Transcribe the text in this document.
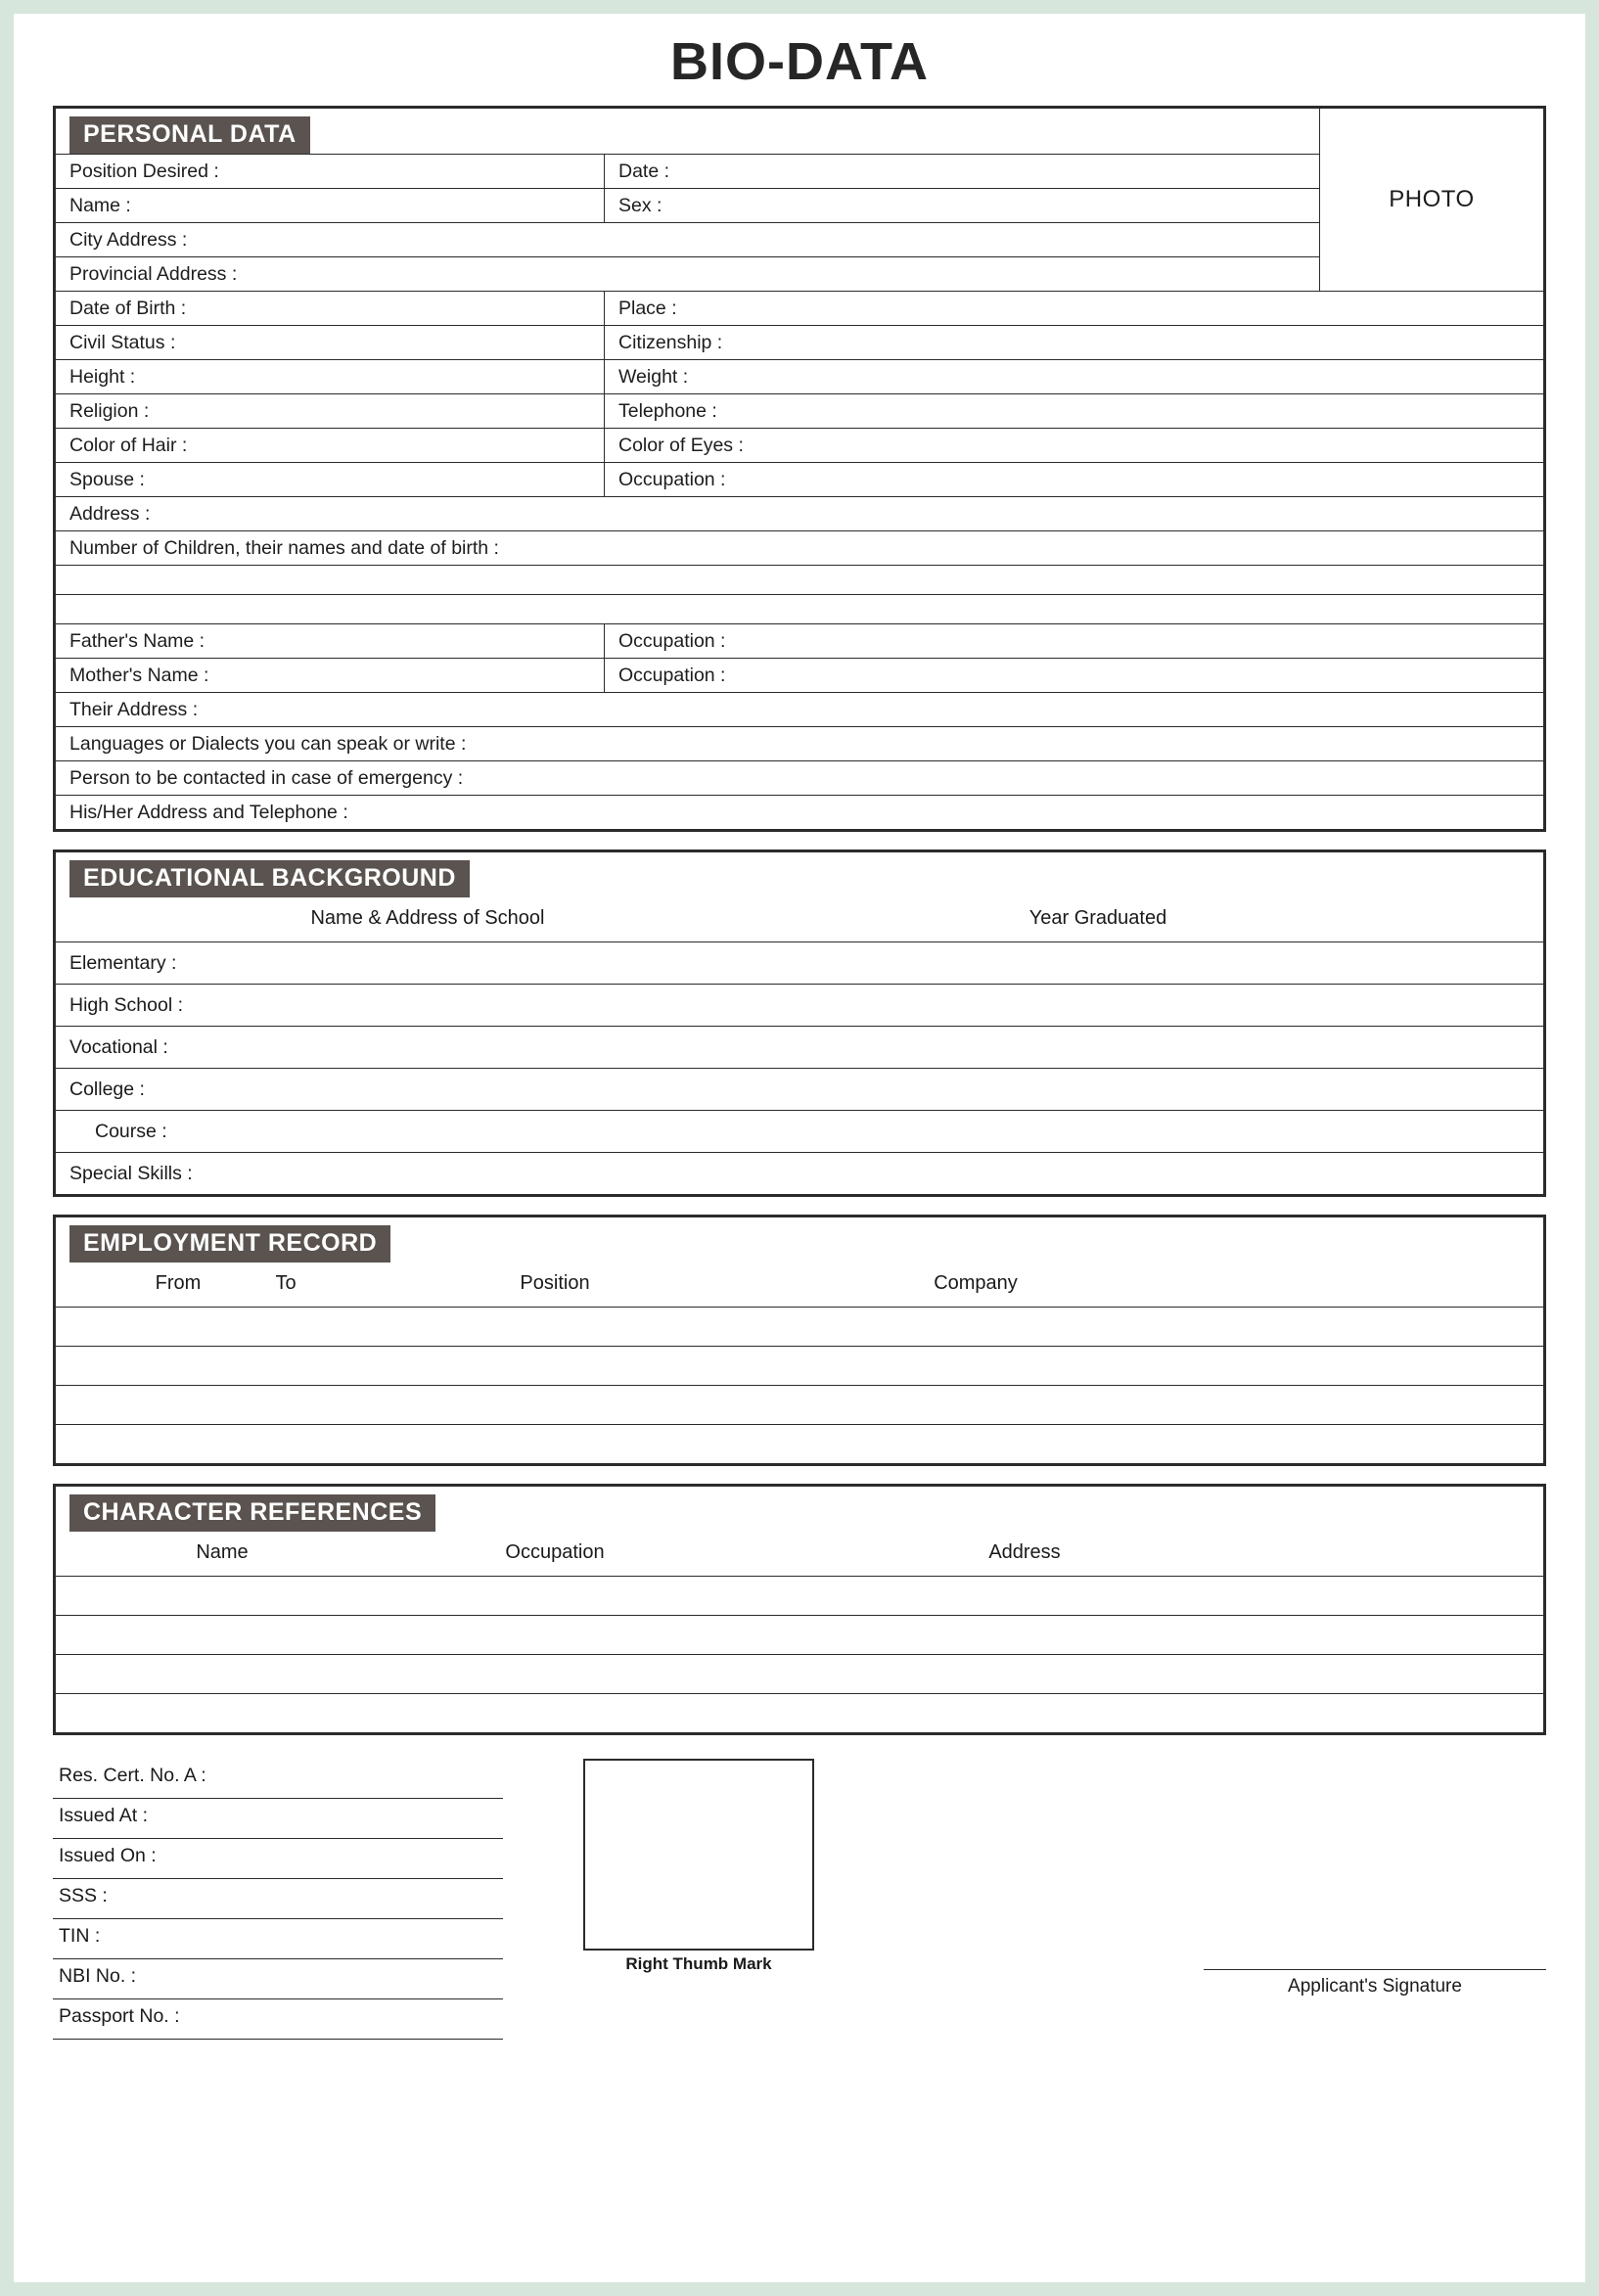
BIO-DATA
PERSONAL DATA
Position Desired :	Date :
Name :	Sex :
City Address :
Provincial Address :
PHOTO
Date of Birth :	Place :
Civil Status :	Citizenship :
Height :	Weight :
Religion :	Telephone :
Color of Hair :	Color of Eyes :
Spouse :	Occupation :
Address :
Number of Children, their names and date of birth :
Father's Name :	Occupation :
Mother's Name :	Occupation :
Their Address :
Languages or Dialects you can speak or write :
Person to be contacted in case of emergency :
His/Her Address and Telephone :
EDUCATIONAL BACKGROUND
Name & Address of School	Year Graduated
Elementary :
High School :
Vocational :
College :
Course :
Special Skills :
EMPLOYMENT RECORD
From	To	Position	Company
CHARACTER REFERENCES
Name	Occupation	Address
Res. Cert. No. A :
Issued At :
Issued On :
SSS :
TIN :
NBI No. :
Passport No. :
Right Thumb Mark
Applicant's Signature
